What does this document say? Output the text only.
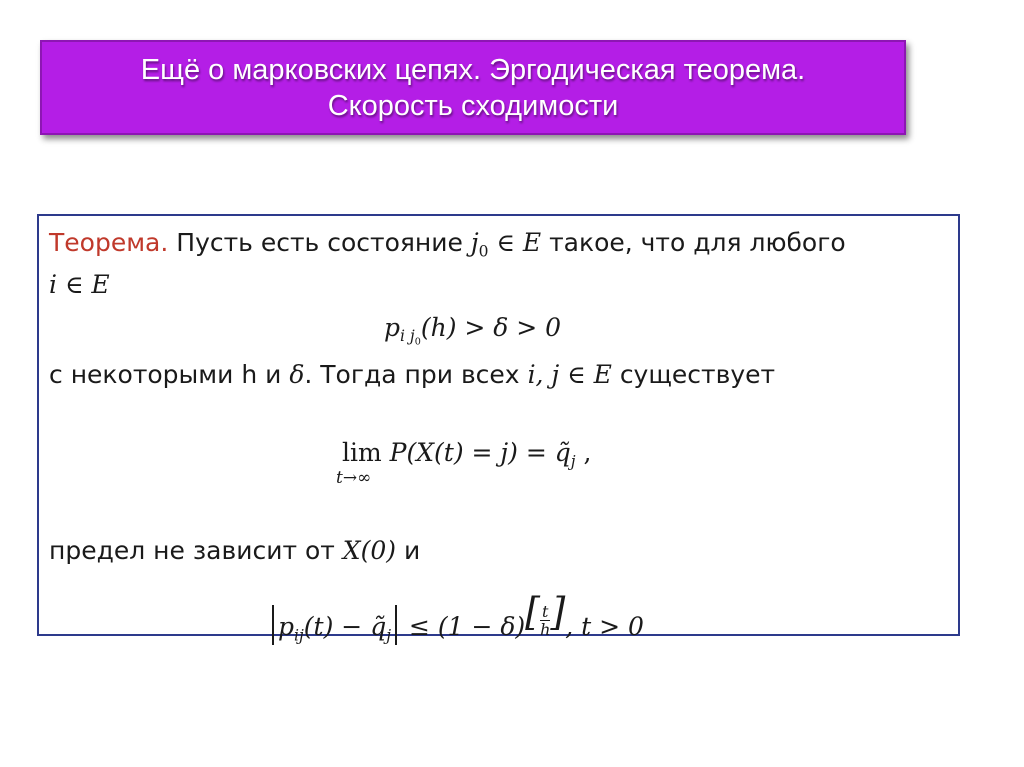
Ещё о марковских цепях. Эргодическая теорема.
Скорость сходимости
Теорема. Пусть есть состояние $j_0$ ∈ E такое, что для любого
i ∈ E
$p_{i j_0}(h) > \delta > 0$
с некоторыми h и δ. Тогда при всех i, j ∈ E существует
lim
t→∞
$P(X(t) = j) = q̃_j$ ,
предел не зависит от X(0) и
$p_{ij}(t)$ − $q̃_j \le (1 - \delta)[ \frac{t}{h}$ ], t > 0
